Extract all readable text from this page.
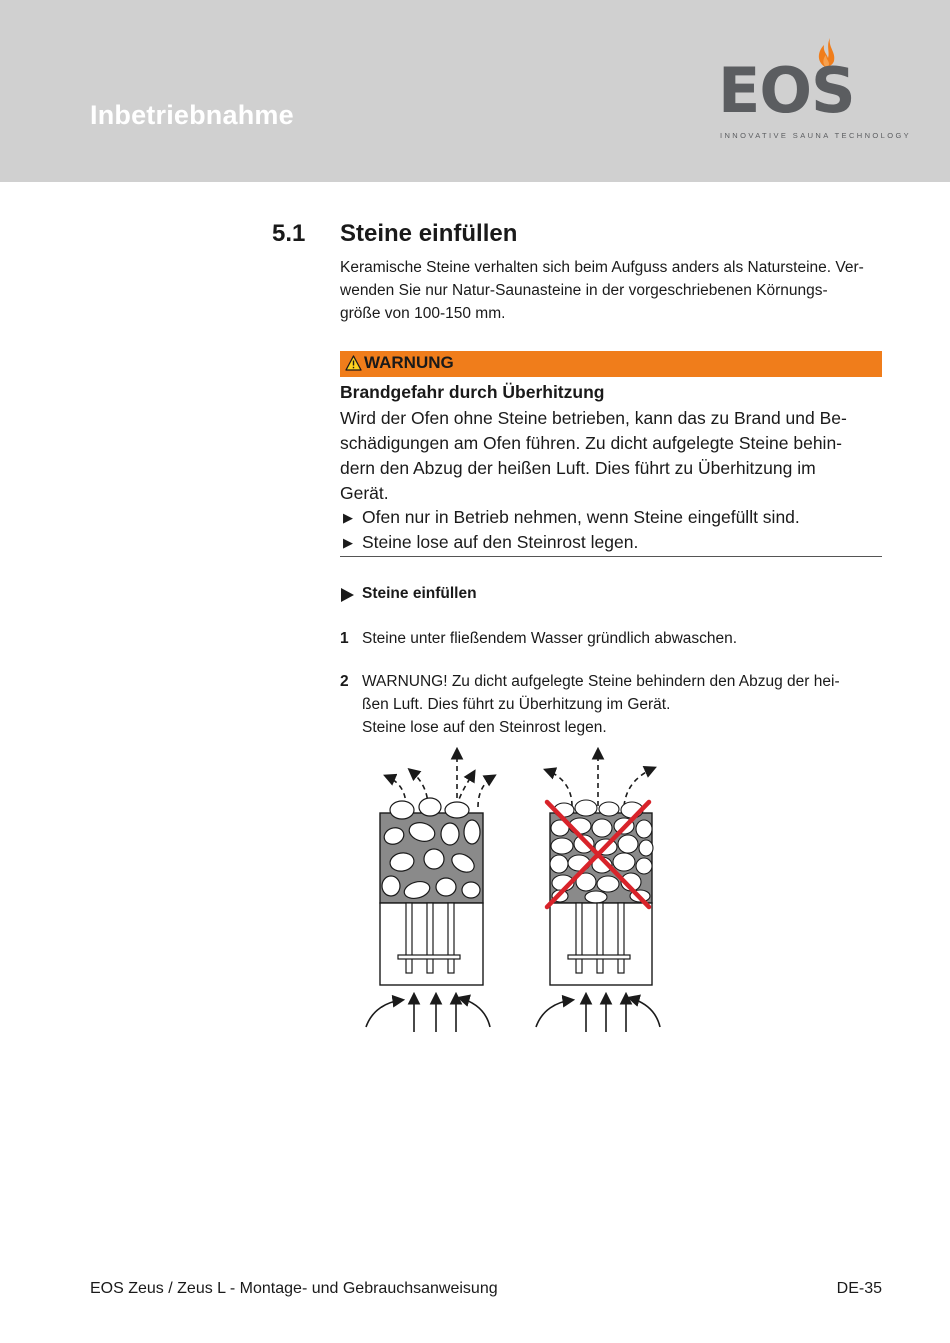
Inbetriebnahme	EOS
INNOVATIVE SAUNA TECHNOLOGY
5.1 Steine einfüllen
Keramische Steine verhalten sich beim Aufguss anders als Natursteine. Ver-
wenden Sie nur Natur-Saunasteine in der vorgeschriebenen Körnungs-
größe von 100-150 mm.
WARNUNG
Brandgefahr durch Überhitzung
Wird der Ofen ohne Steine betrieben, kann das zu Brand und Be-
schädigungen am Ofen führen. Zu dicht aufgelegte Steine behin-
dern den Abzug der heißen Luft. Dies führt zu Überhitzung im
Gerät.
▶ Ofen nur in Betrieb nehmen, wenn Steine eingefüllt sind.
▶ Steine lose auf den Steinrost legen.
Steine einfüllen
1 Steine unter fließendem Wasser gründlich abwaschen.
2 WARNUNG! Zu dicht aufgelegte Steine behindern den Abzug der hei-
ßen Luft. Dies führt zu Überhitzung im Gerät.
Steine lose auf den Steinrost legen.
EOS Zeus / Zeus L - Montage- und Gebrauchsanweisung	DE-35
